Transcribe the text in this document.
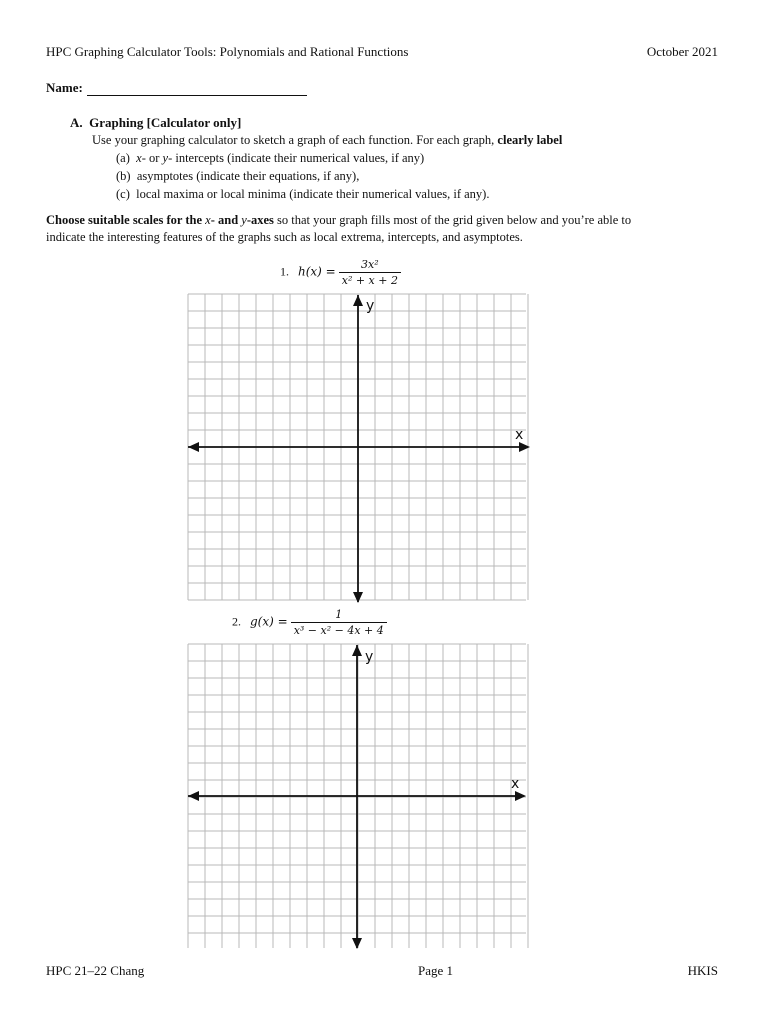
HPC Graphing Calculator Tools: Polynomials and Rational Functions	October 2021
Name:
A. Graphing [Calculator only]
Use your graphing calculator to sketch a graph of each function. For each graph, clearly label
(a) x- or y- intercepts (indicate their numerical values, if any)
(b) asymptotes (indicate their equations, if any),
(c) local maxima or local minima (indicate their numerical values, if any).
Choose suitable scales for the x- and y-axes so that your graph fills most of the grid given below and you’re able to
indicate the interesting features of the graphs such as local extrema, intercepts, and asymptotes.
1. $h(x) = \frac{\text{3x²}}{\text{x² + x + 2}}$
y
x
2. $g(x) = \frac{1}{\text{x³ − x² − 4x + 4}}$
y
x
HPC 21–22 Chang	Page 1	HKIS
